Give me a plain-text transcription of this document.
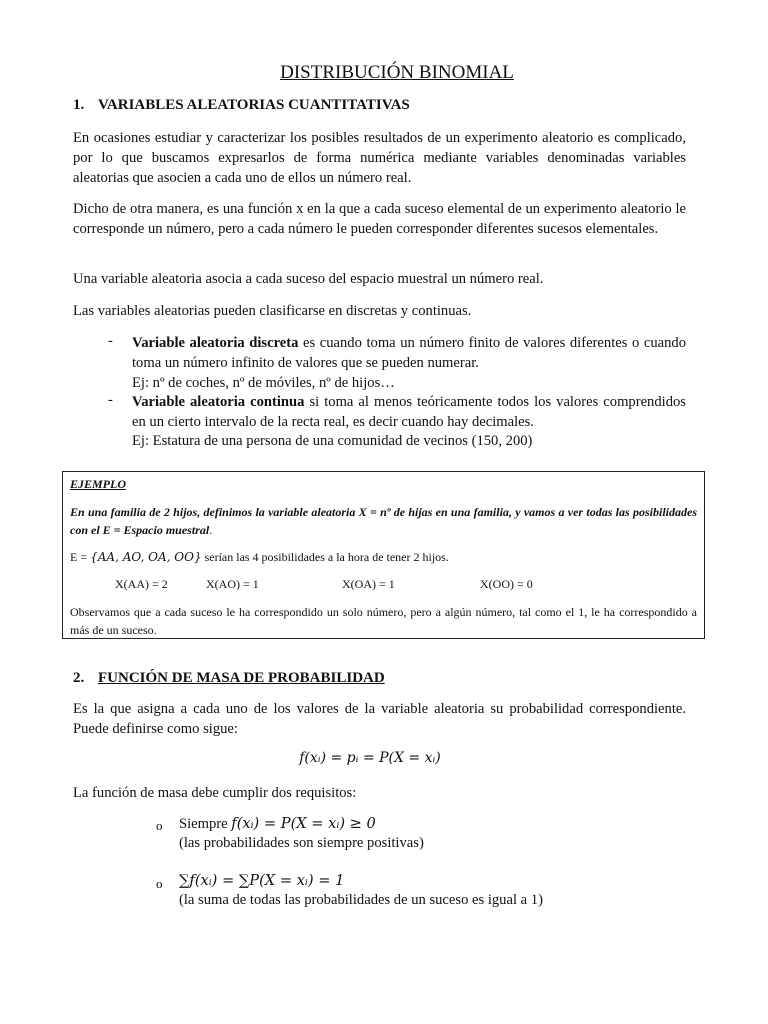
DISTRIBUCIÓN BINOMIAL
1. VARIABLES ALEATORIAS CUANTITATIVAS
En ocasiones estudiar y caracterizar los posibles resultados de un experimento aleatorio es complicado, por lo que buscamos expresarlos de forma numérica mediante variables denominadas variables aleatorias que asocien a cada uno de ellos un número real.
Dicho de otra manera, es una función x en la que a cada suceso elemental de un experimento aleatorio le corresponde un número, pero a cada número le pueden corresponder diferentes sucesos elementales.
Una variable aleatoria asocia a cada suceso del espacio muestral un número real.
Las variables aleatorias pueden clasificarse en discretas y continuas.
- Variable aleatoria discreta es cuando toma un número finito de valores diferentes o cuando toma un número infinito de valores que se pueden numerar.
Ej: nº de coches, nº de móviles, nº de hijos…
- Variable aleatoria continua si toma al menos teóricamente todos los valores comprendidos en un cierto intervalo de la recta real, es decir cuando hay decimales.
Ej: Estatura de una persona de una comunidad de vecinos (150, 200)
EJEMPLO
En una familia de 2 hijos, definimos la variable aleatoria X = nº de hijas en una familia, y vamos a ver todas las posibilidades con el E = Espacio muestral.
E = {AA, AO, OA, OO} serían las 4 posibilidades a la hora de tener 2 hijos.
X(AA) = 2	X(AO) = 1	X(OA) = 1	X(OO) = 0
Observamos que a cada suceso le ha correspondido un solo número, pero a algún número, tal como el 1, le ha correspondido a más de un suceso.
2. FUNCIÓN DE MASA DE PROBABILIDAD
Es la que asigna a cada uno de los valores de la variable aleatoria su probabilidad correspondiente. Puede definirse como sigue:
f(xᵢ) = pᵢ = P(X = xᵢ)
La función de masa debe cumplir dos requisitos:
o Siempre f(xᵢ) = P(X = xᵢ) ≥ 0
(las probabilidades son siempre positivas)
o ∑f(xᵢ) = ∑P(X = xᵢ) = 1
(la suma de todas las probabilidades de un suceso es igual a 1)
